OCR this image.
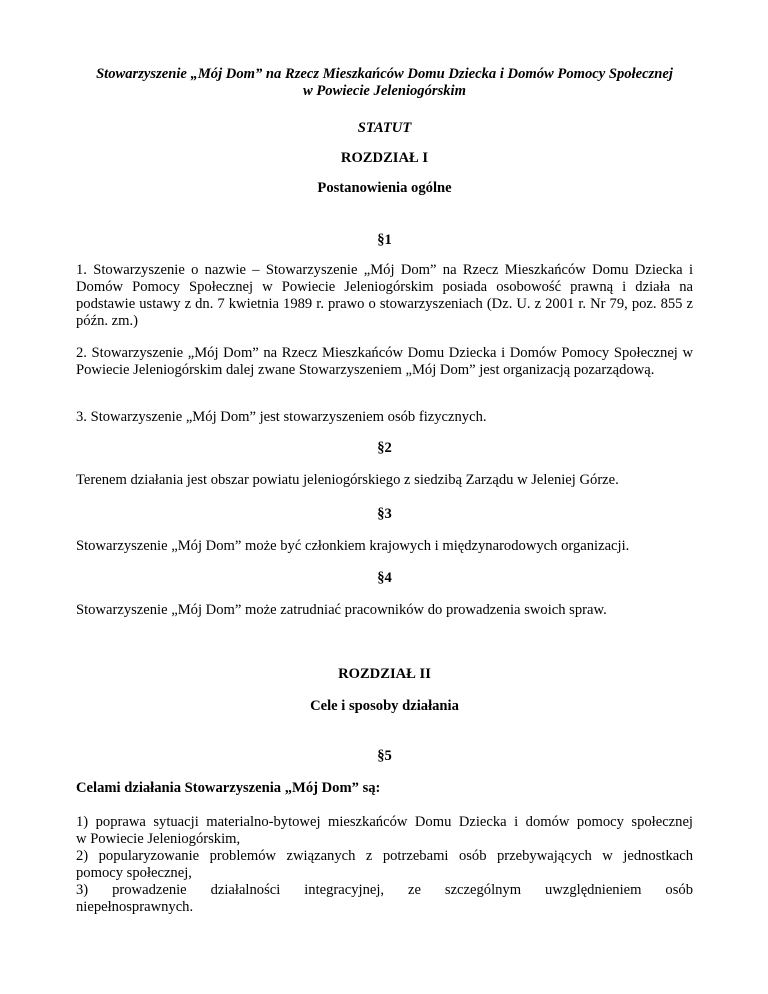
Stowarzyszenie „Mój Dom” na Rzecz Mieszkańców Domu Dziecka i Domów Pomocy Społecznej
w Powiecie Jeleniogórskim
STATUT
ROZDZIAŁ I
Postanowienia ogólne
§1

1. Stowarzyszenie o nazwie – Stowarzyszenie „Mój Dom” na Rzecz Mieszkańców Domu Dziecka i Domów Pomocy Społecznej w Powiecie Jeleniogórskim posiada osobowość prawną i działa na podstawie ustawy z dn. 7 kwietnia 1989 r. prawo o stowarzyszeniach (Dz. U. z 2001 r. Nr 79, poz. 855 z późn. zm.)

2. Stowarzyszenie „Mój Dom” na Rzecz Mieszkańców Domu Dziecka i Domów Pomocy Społecznej w Powiecie Jeleniogórskim dalej zwane Stowarzyszeniem „Mój Dom” jest organizacją pozarządową.

3. Stowarzyszenie „Mój Dom” jest stowarzyszeniem osób fizycznych.

§2

Terenem działania jest obszar powiatu jeleniogórskiego z siedzibą Zarządu w Jeleniej Górze.

§3

Stowarzyszenie „Mój Dom” może być członkiem krajowych i międzynarodowych organizacji.

§4

Stowarzyszenie „Mój Dom” może zatrudniać pracowników do prowadzenia swoich spraw.

ROZDZIAŁ II
Cele i sposoby działania
§5

Celami działania Stowarzyszenia „Mój Dom” są:

1) poprawa sytuacji materialno-bytowej mieszkańców Domu Dziecka i domów pomocy społecznej
w Powiecie Jeleniogórskim,
2) popularyzowanie problemów związanych z potrzebami osób przebywających w jednostkach
pomocy społecznej,
3) prowadzenie działalności integracyjnej, ze szczególnym uwzględnieniem osób
niepełnosprawnych.
